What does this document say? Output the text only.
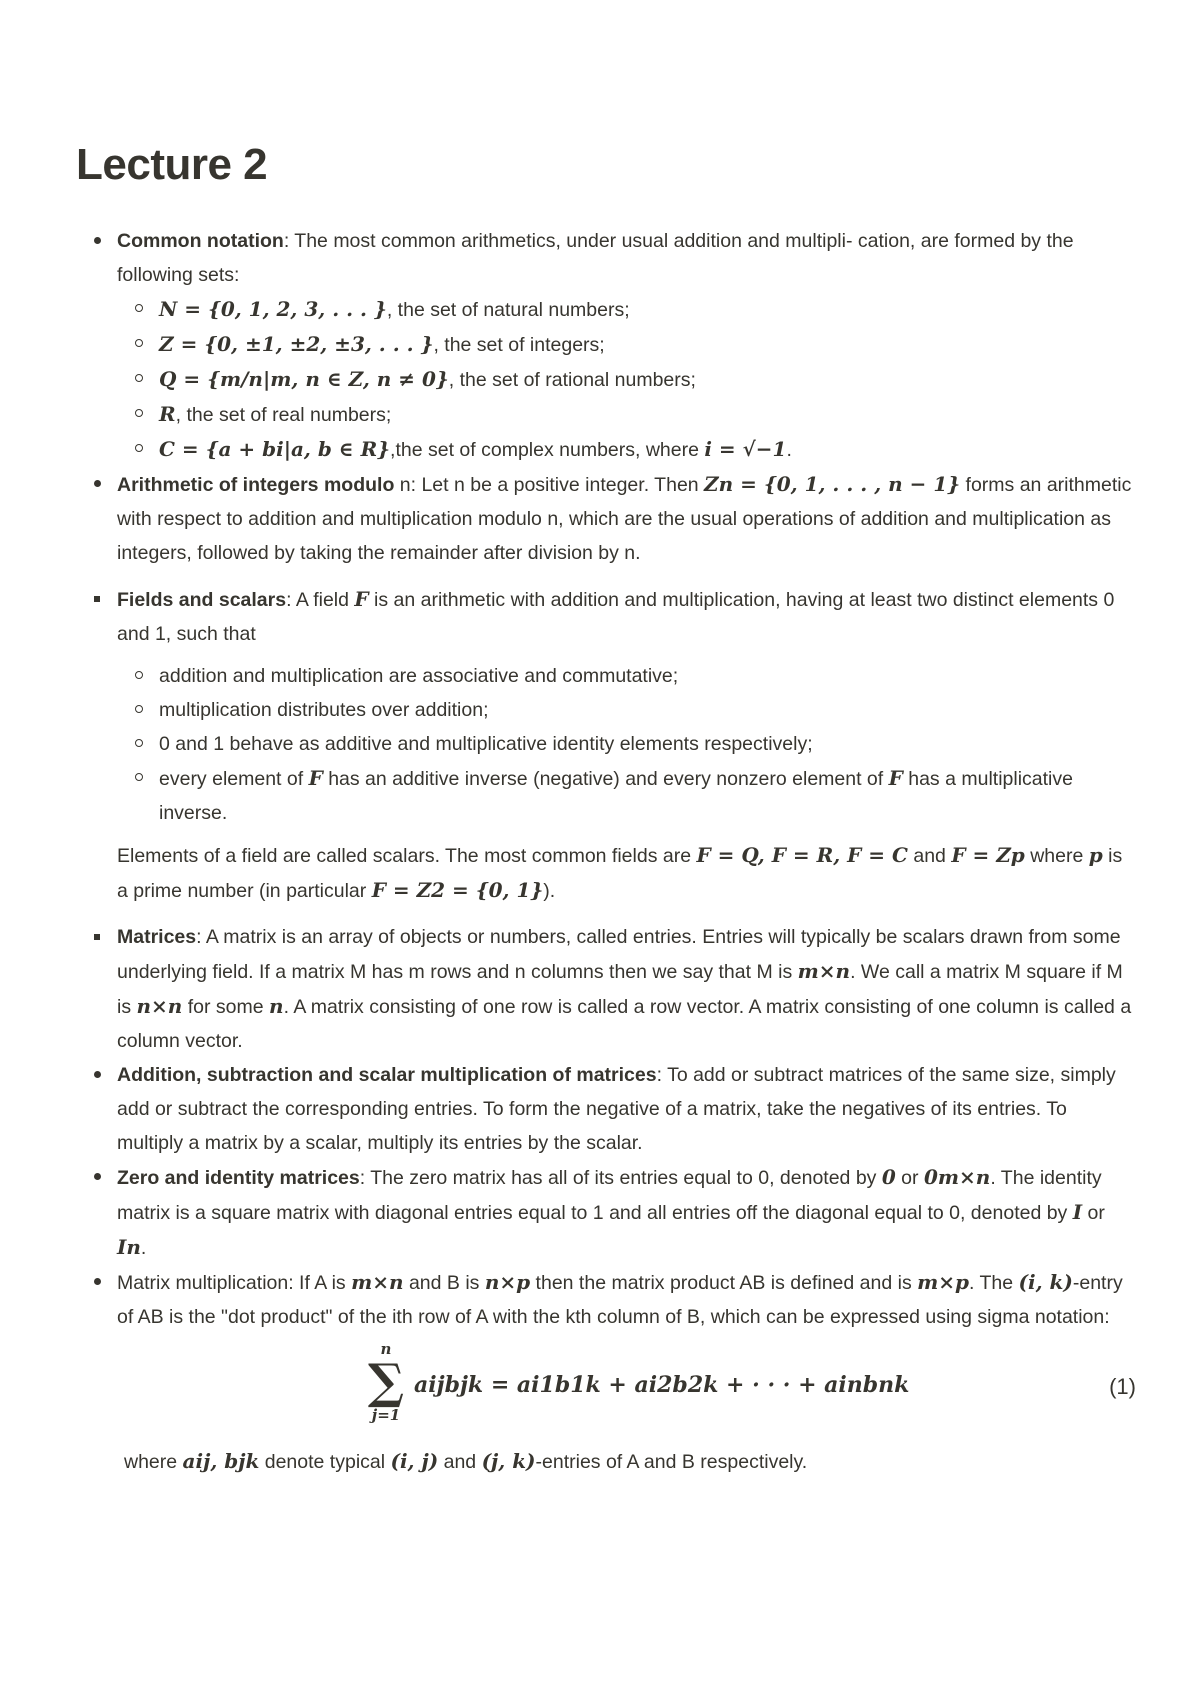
Lecture 2
Common notation: The most common arithmetics, under usual addition and multipli- cation, are formed by the following sets:
N = {0, 1, 2, 3, . . . }, the set of natural numbers;
Z = {0, ±1, ±2, ±3, . . . }, the set of integers;
Q = {m/n|m, n ∈ Z, n ≠ 0}, the set of rational numbers;
R, the set of real numbers;
C = {a + bi|a, b ∈ R},the set of complex numbers, where i = √−1.
Arithmetic of integers modulo n: Let n be a positive integer. Then Zn = {0, 1, . . . , n − 1} forms an arithmetic with respect to addition and multiplication modulo n, which are the usual operations of addition and multiplication as integers, followed by taking the remainder after division by n.
Fields and scalars: A field F is an arithmetic with addition and multiplication, having at least two distinct elements 0 and 1, such that
addition and multiplication are associative and commutative;
multiplication distributes over addition;
0 and 1 behave as additive and multiplicative identity elements respectively;
every element of F has an additive inverse (negative) and every nonzero element of F has a multiplicative inverse.
Elements of a field are called scalars. The most common fields are F = Q, F = R, F = C and F = Zp where p is a prime number (in particular F = Z2 = {0, 1}).
Matrices: A matrix is an array of objects or numbers, called entries. Entries will typically be scalars drawn from some underlying field. If a matrix M has m rows and n columns then we say that M is m×n. We call a matrix M square if M is n×n for some n. A matrix consisting of one row is called a row vector. A matrix consisting of one column is called a column vector.
Addition, subtraction and scalar multiplication of matrices: To add or subtract matrices of the same size, simply add or subtract the corresponding entries. To form the negative of a matrix, take the negatives of its entries. To multiply a matrix by a scalar, multiply its entries by the scalar.
Zero and identity matrices: The zero matrix has all of its entries equal to 0, denoted by 0 or 0m×n. The identity matrix is a square matrix with diagonal entries equal to 1 and all entries off the diagonal equal to 0, denoted by I or In.
Matrix multiplication: If A is m×n and B is n×p then the matrix product AB is defined and is m×p. The (i, k)-entry of AB is the "dot product" of the ith row of A with the kth column of B, which can be expressed using sigma notation:
n
∑
j=1
aijbjk = ai1b1k + ai2b2k + · · · + ainbnk	(1)
where aij, bjk denote typical (i, j) and (j, k)-entries of A and B respectively.
